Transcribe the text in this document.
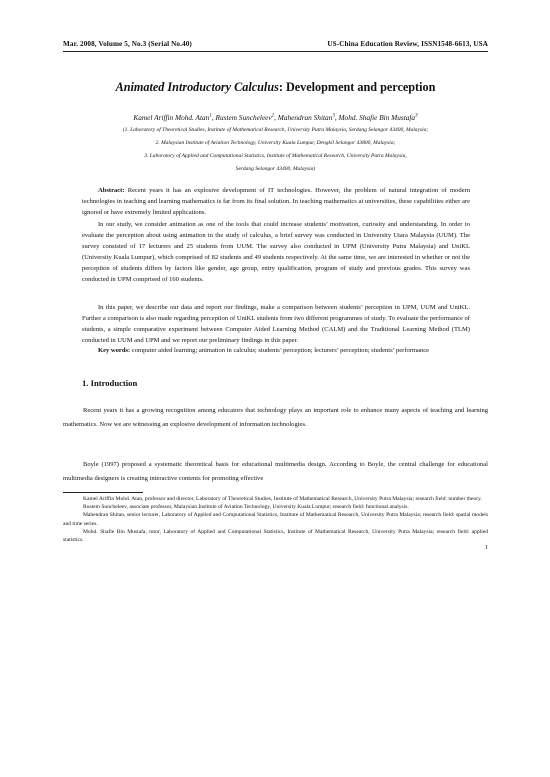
Mar. 2008, Volume 5, No.3 (Serial No.40)	US-China Education Review, ISSN1548-6613, USA
Animated Introductory Calculus: Development and perception
Kamel Ariffin Mohd. Atan$^1$, Rustem Suncheleev$^2$, Mahendran Shitan$^3$, Mohd. Shafie Bin Mustafa$^3$
(1. Laboratory of Theoretical Studies, Institute of Mathematical Research, University Putra Malaysia, Serdang Selangor 43400, Malaysia;
2. Malaysian Institute of Aviation Technology, University Kuala Lumpur, Dengkil Selangor 43800, Malaysia;
3. Laboratory of Applied and Computational Statistics, Institute of Mathematical Research, University Putra Malaysia,
Serdang Selangor 43400, Malaysia)
Abstract: Recent years it has an explosive development of IT technologies. However, the problem of natural integration of modern technologies in teaching and learning mathematics is far from its final solution. In teaching mathematics at universities, these capabilities either are ignored or have extremely limited applications.
In our study, we consider animation as one of the tools that could increase students’ motivation, curiosity and understanding. In order to evaluate the perception about using animation in the study of calculus, a brief survey was conducted in University Utara Malaysia (UUM). The survey consisted of 17 lecturers and 25 students from UUM. The survey also conducted in UPM (University Putra Malaysia) and UniKL (University Kuala Lumpur), which comprised of 82 students and 49 students respectively. At the same time, we are interested in whether or not the perception of students differs by factors like gender, age group, entry qualification, program of study and previous grades. This survey was conducted in UPM comprised of 160 students.
In this paper, we describe our data and report our findings, make a comparison between students’ perception in UPM, UUM and UniKL. Further a comparison is also made regarding perception of UniKL students from two different programmes of study. To evaluate the performance of students, a simple comparative experiment between Computer Aided Learning Method (CALM) and the Traditional Learning Method (TLM) conducted in UUM and UPM and we report our preliminary findings in this paper.
Key words: computer aided learning; animation in calculus; students’ perception; lecturers’ perception; students’ performance
1. Introduction
Recent years it has a growing recognition among educators that technology plays an important role to enhance many aspects of teaching and learning mathematics. Now we are witnessing an explosive development of information technologies.
Boyle (1997) proposed a systematic theoretical basis for educational multimedia design. According to Boyle, the central challenge for educational multimedia designers is creating interactive contents for promoting effective

Kamel Ariffin Mohd. Atan, professor and director, Laboratory of Theoretical Studies, Institute of Mathematical Research, University Putra Malaysia; research field: number theory.

Rustem Suncheleev, associate professor, Malaysian Institute of Aviation Technology, University Kuala Lumpur; research field: functional analysis.

Mahendran Shitan, senior lecturer, Laboratory of Applied and Computational Statistics, Institute of Mathematical Research, University Putra Malaysia; research field: spatial models and time series.

Mohd. Shafie Bin Mustafa, tutor, Laboratory of Applied and Computational Statistics, Institute of Mathematical Research, University Putra Malaysia; research field: applied statistics.

1
